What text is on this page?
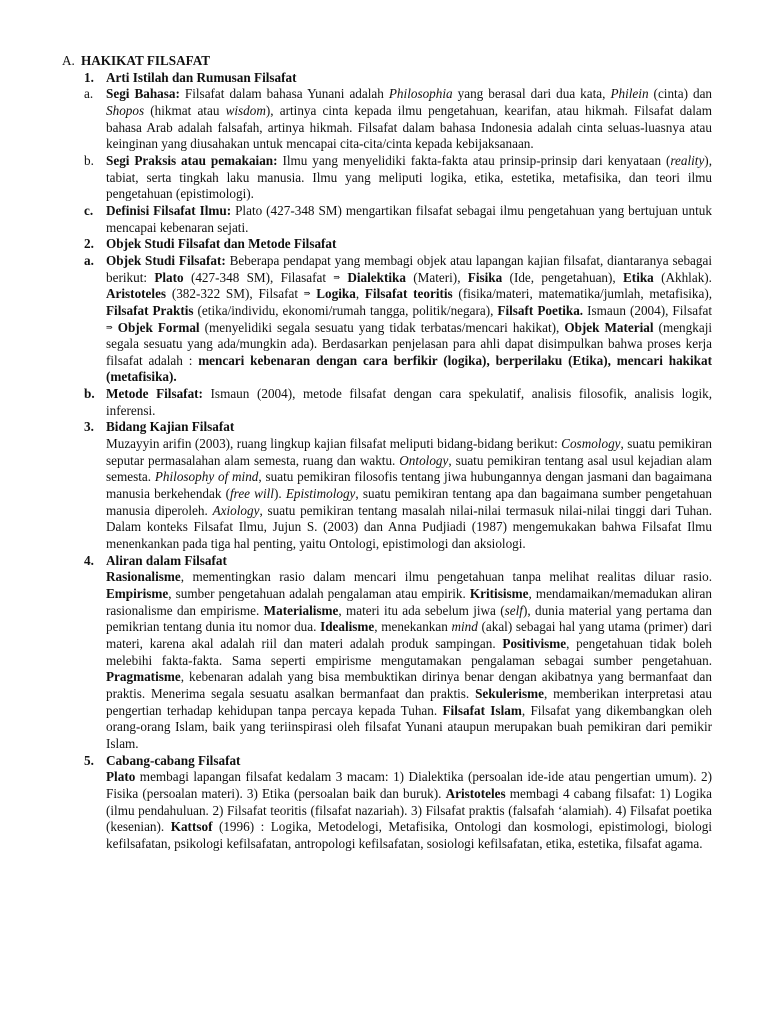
A. HAKIKAT FILSAFAT
1. Arti Istilah dan Rumusan Filsafat
a. Segi Bahasa: Filsafat dalam bahasa Yunani adalah Philosophia yang berasal dari dua kata, Philein (cinta) dan Shopos (hikmat atau wisdom), artinya cinta kepada ilmu pengetahuan, kearifan, atau hikmah. Filsafat dalam bahasa Arab adalah falsafah, artinya hikmah. Filsafat dalam bahasa Indonesia adalah cinta seluas-luasnya atau keinginan yang diusahakan untuk mencapai cita-cita/cinta kepada kebijaksanaan.
b. Segi Praksis atau pemakaian: Ilmu yang menyelidiki fakta-fakta atau prinsip-prinsip dari kenyataan (reality), tabiat, serta tingkah laku manusia. Ilmu yang meliputi logika, etika, estetika, metafisika, dan teori ilmu pengetahuan (epistimologi).
c. Definisi Filsafat Ilmu: Plato (427-348 SM) mengartikan filsafat sebagai ilmu pengetahuan yang bertujuan untuk mencapai kebenaran sejati.
2. Objek Studi Filsafat dan Metode Filsafat
a. Objek Studi Filsafat: Beberapa pendapat yang membagi objek atau lapangan kajian filsafat, diantaranya sebagai berikut: Plato (427-348 SM), Filasafat ⇒ Dialektika (Materi), Fisika (Ide, pengetahuan), Etika (Akhlak). Aristoteles (382-322 SM), Filsafat ⇒ Logika, Filsafat teoritis (fisika/materi, matematika/jumlah, metafisika), Filsafat Praktis (etika/individu, ekonomi/rumah tangga, politik/negara), Filsaft Poetika. Ismaun (2004), Filsafat ⇒ Objek Formal (menyelidiki segala sesuatu yang tidak terbatas/mencari hakikat), Objek Material (mengkaji segala sesuatu yang ada/mungkin ada). Berdasarkan penjelasan para ahli dapat disimpulkan bahwa proses kerja filsafat adalah : mencari kebenaran dengan cara berfikir (logika), berperilaku (Etika), mencari hakikat (metafisika).
b. Metode Filsafat: Ismaun (2004), metode filsafat dengan cara spekulatif, analisis filosofik, analisis logik, inferensi.
3. Bidang Kajian Filsafat
Muzayyin arifin (2003), ruang lingkup kajian filsafat meliputi bidang-bidang berikut: Cosmology, suatu pemikiran seputar permasalahan alam semesta, ruang dan waktu. Ontology, suatu pemikiran tentang asal usul kejadian alam semesta. Philosophy of mind, suatu pemikiran filosofis tentang jiwa hubungannya dengan jasmani dan bagaimana manusia berkehendak (free will). Epistimology, suatu pemikiran tentang apa dan bagaimana sumber pengetahuan manusia diperoleh. Axiology, suatu pemikiran tentang masalah nilai-nilai termasuk nilai-nilai tinggi dari Tuhan. Dalam konteks Filsafat Ilmu, Jujun S. (2003) dan Anna Pudjiadi (1987) mengemukakan bahwa Filsafat Ilmu menenkankan pada tiga hal penting, yaitu Ontologi, epistimologi dan aksiologi.
4. Aliran dalam Filsafat
Rasionalisme, mementingkan rasio dalam mencari ilmu pengetahuan tanpa melihat realitas diluar rasio. Empirisme, sumber pengetahuan adalah pengalaman atau empirik. Kritisisme, mendamaikan/memadukan aliran rasionalisme dan empirisme. Materialisme, materi itu ada sebelum jiwa (self), dunia material yang pertama dan pemikrian tentang dunia itu nomor dua. Idealisme, menekankan mind (akal) sebagai hal yang utama (primer) dari materi, karena akal adalah riil dan materi adalah produk sampingan. Positivisme, pengetahuan tidak boleh melebihi fakta-fakta. Sama seperti empirisme mengutamakan pengalaman sebagai sumber pengetahuan. Pragmatisme, kebenaran adalah yang bisa membuktikan dirinya benar dengan akibatnya yang bermanfaat dan praktis. Menerima segala sesuatu asalkan bermanfaat dan praktis. Sekulerisme, memberikan interpretasi atau pengertian terhadap kehidupan tanpa percaya kepada Tuhan. Filsafat Islam, Filsafat yang dikembangkan oleh orang-orang Islam, baik yang teriinspirasi oleh filsafat Yunani ataupun merupakan buah pemikiran dari pemikir Islam.
5. Cabang-cabang Filsafat
Plato membagi lapangan filsafat kedalam 3 macam: 1) Dialektika (persoalan ide-ide atau pengertian umum). 2) Fisika (persoalan materi). 3) Etika (persoalan baik dan buruk). Aristoteles membagi 4 cabang filsafat: 1) Logika (ilmu pendahuluan. 2) Filsafat teoritis (filsafat nazariah). 3) Filsafat praktis (falsafah ‘alamiah). 4) Filsafat poetika (kesenian). Kattsof (1996) : Logika, Metodelogi, Metafisika, Ontologi dan kosmologi, epistimologi, biologi kefilsafatan, psikologi kefilsafatan, antropologi kefilsafatan, sosiologi kefilsafatan, etika, estetika, filsafat agama.
